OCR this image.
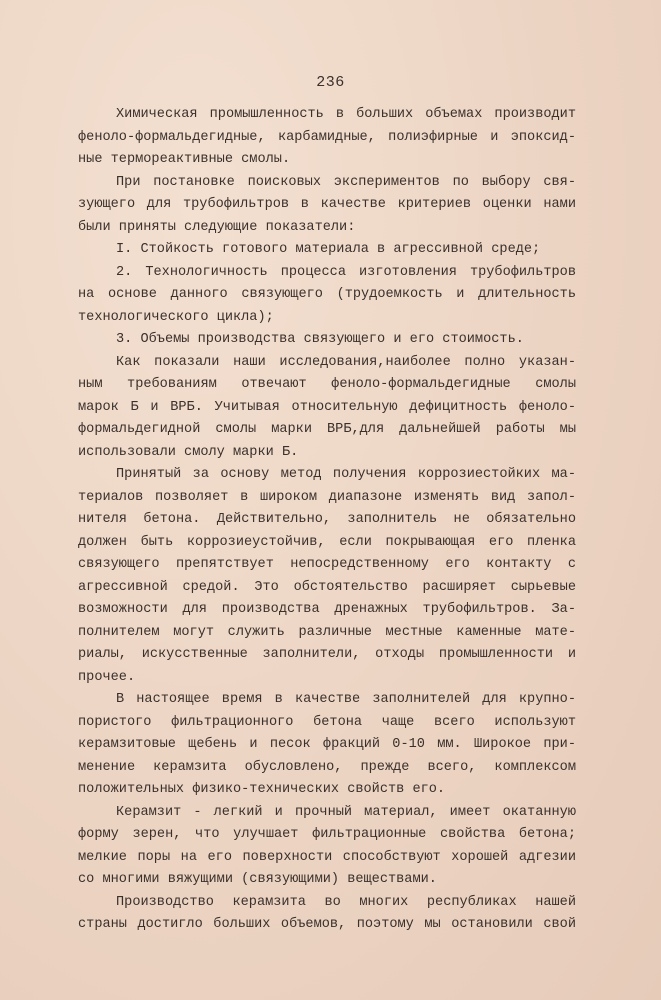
236
Химическая промышленность в больших объемах производит
феноло-формальдегидные, карбамидные, полиэфирные и эпоксид-
ные термореактивные смолы.
При постановке поисковых экспериментов по выбору свя-
зующего для трубофильтров в качестве критериев оценки нами
были приняты следующие показатели:
I. Стойкость готового материала в агрессивной среде;
2. Технологичность процесса изготовления трубофильтров
на основе данного связующего (трудоемкость и длительность
технологического цикла);
3. Объемы производства связующего и его стоимость.
Как показали наши исследования,наиболее полно указан-
ным требованиям отвечают феноло-формальдегидные смолы
марок Б и ВРБ. Учитывая относительную дефицитность феноло-
формальдегидной смолы марки ВРБ,для дальнейшей работы мы
использовали смолу марки Б.
Принятый за основу метод получения коррозиестойких ма-
териалов позволяет в широком диапазоне изменять вид запол-
нителя бетона. Действительно, заполнитель не обязательно
должен быть коррозиеустойчив, если покрывающая его пленка
связующего препятствует непосредственному его контакту с
агрессивной средой. Это обстоятельство расширяет сырьевые
возможности для производства дренажных трубофильтров. За-
полнителем могут служить различные местные каменные мате-
риалы, искусственные заполнители, отходы промышленности и
прочее.
В настоящее время в качестве заполнителей для крупно-
пористого фильтрационного бетона чаще всего используют
керамзитовые щебень и песок фракций 0-10 мм. Широкое при-
менение керамзита обусловлено, прежде всего, комплексом
положительных физико-технических свойств его.
Керамзит - легкий и прочный материал, имеет окатанную
форму зерен, что улучшает фильтрационные свойства бетона;
мелкие поры на его поверхности способствуют хорошей адгезии
со многими вяжущими (связующими) веществами.
Производство керамзита во многих республиках нашей
страны достигло больших объемов, поэтому мы остановили свой
